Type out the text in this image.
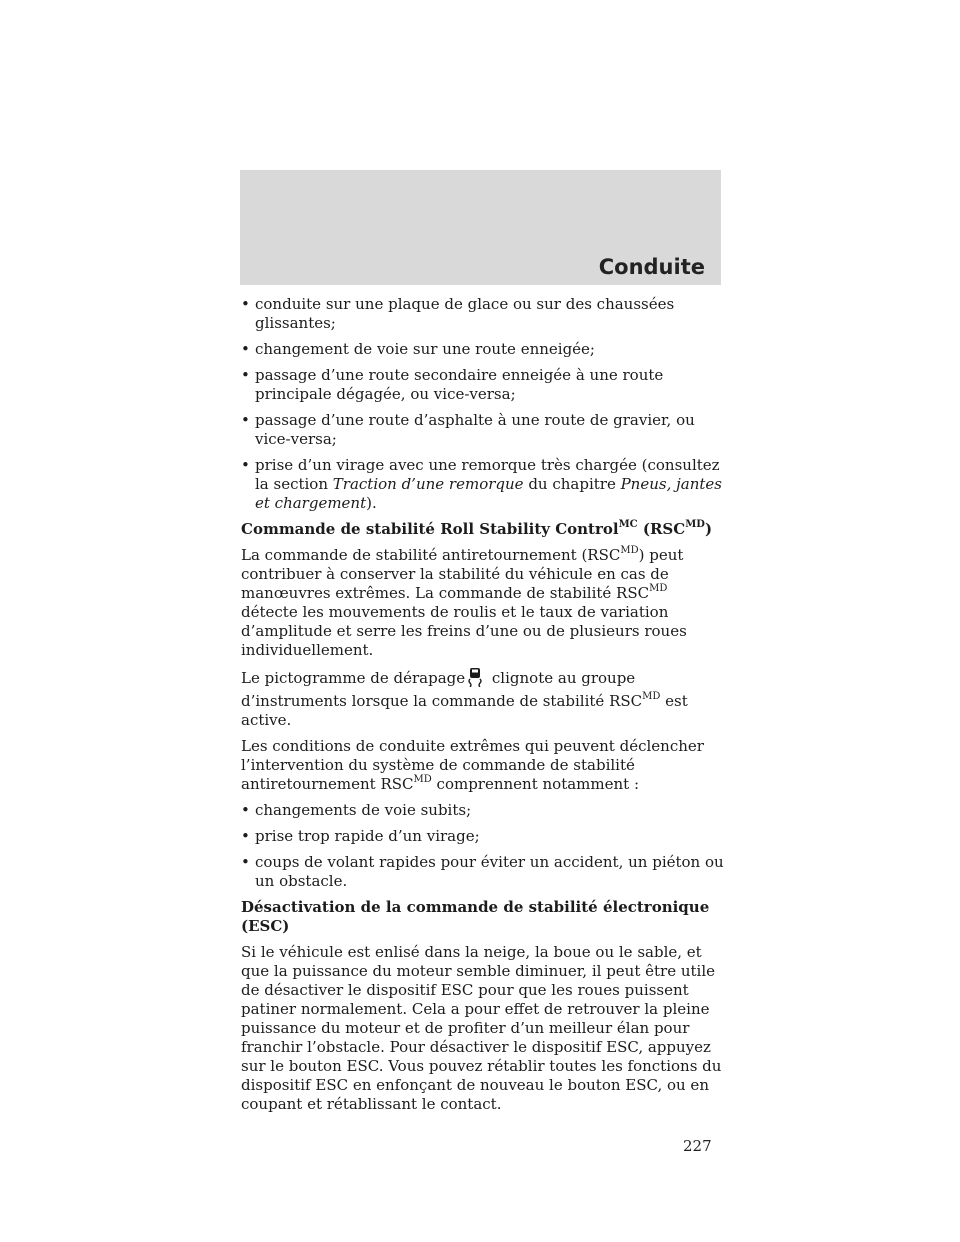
Conduite
• conduite sur une plaque de glace ou sur des chaussées glissantes;
• changement de voie sur une route enneigée;
• passage d’une route secondaire enneigée à une route principale dégagée, ou vice-versa;
• passage d’une route d’asphalte à une route de gravier, ou vice-versa;
• prise d’un virage avec une remorque très chargée (consultez la section Traction d’une remorque du chapitre Pneus, jantes et chargement).
Commande de stabilité Roll Stability Control$^{MC}$ $(RSC^{MD})$

La commande de stabilité antiretournement $(RSC^{MD})$ peut contribuer à conserver la stabilité du véhicule en cas de manœuvres extrêmes. La commande de stabilité $RSC^{MD}$ détecte les mouvements de roulis et le taux de variation d’amplitude et serre les freins d’une ou de plusieurs roues individuellement.

Le pictogramme de dérapage clignote au groupe d’instruments lorsque la commande de stabilité $RSC^{MD}$ est active.

Les conditions de conduite extrêmes qui peuvent déclencher l’intervention du système de commande de stabilité antiretournement $RSC^{MD}$ comprennent notamment :

• changements de voie subits;
• prise trop rapide d’un virage;
• coups de volant rapides pour éviter un accident, un piéton ou un obstacle.
Désactivation de la commande de stabilité électronique (ESC)

Si le véhicule est enlisé dans la neige, la boue ou le sable, et que la puissance du moteur semble diminuer, il peut être utile de désactiver le dispositif ESC pour que les roues puissent patiner normalement. Cela a pour effet de retrouver la pleine puissance du moteur et de profiter d’un meilleur élan pour franchir l’obstacle. Pour désactiver le dispositif ESC, appuyez sur le bouton ESC. Vous pouvez rétablir toutes les fonctions du dispositif ESC en enfonçant de nouveau le bouton ESC, ou en coupant et rétablissant le contact.

227
